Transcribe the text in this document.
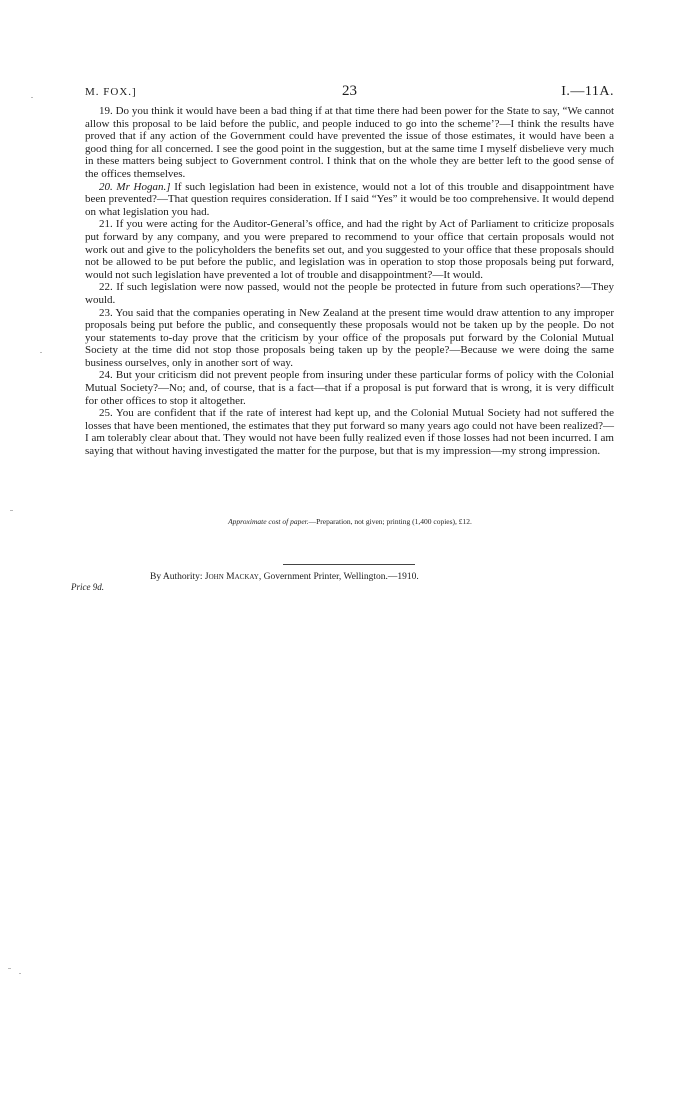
M. FOX.]	23	I.—11A.

19. Do you think it would have been a bad thing if at that time there had been power for the State to say, “We cannot allow this proposal to be laid before the public, and people induced to go into the scheme’?—I think the results have proved that if any action of the Government could have prevented the issue of those estimates, it would have been a good thing for all concerned. I see the good point in the suggestion, but at the same time I myself disbelieve very much in these matters being subject to Government control. I think that on the whole they are better left to the good sense of the offices themselves.

20. Mr Hogan.] If such legislation had been in existence, would not a lot of this trouble and disappointment have been prevented?—That question requires consideration. If I said “Yes” it would be too comprehensive. It would depend on what legislation you had.

21. If you were acting for the Auditor-General’s office, and had the right by Act of Parliament to criticize proposals put forward by any company, and you were prepared to recommend to your office that certain proposals would not work out and give to the policyholders the benefits set out, and you suggested to your office that these proposals should not be allowed to be put before the public, and legislation was in operation to stop those proposals being put forward, would not such legislation have prevented a lot of trouble and disappointment?—It would.

22. If such legislation were now passed, would not the people be protected in future from such operations?—They would.

23. You said that the companies operating in New Zealand at the present time would draw attention to any improper proposals being put before the public, and consequently these proposals would not be taken up by the people. Do not your statements to-day prove that the criticism by your office of the proposals put forward by the Colonial Mutual Society at the time did not stop those proposals being taken up by the people?—Because we were doing the same business ourselves, only in another sort of way.

24. But your criticism did not prevent people from insuring under these particular forms of policy with the Colonial Mutual Society?—No; and, of course, that is a fact—that if a proposal is put forward that is wrong, it is very difficult for other offices to stop it altogether.

25. You are confident that if the rate of interest had kept up, and the Colonial Mutual Society had not suffered the losses that have been mentioned, the estimates that they put forward so many years ago could not have been realized?—I am tolerably clear about that. They would not have been fully realized even if those losses had not been incurred. I am saying that without having investigated the matter for the purpose, but that is my impression—my strong impression.

Approximate cost of paper.—Preparation, not given; printing (1,400 copies), £12.
By Authority: John Mackay, Government Printer, Wellington.—1910.
Price 9d.
